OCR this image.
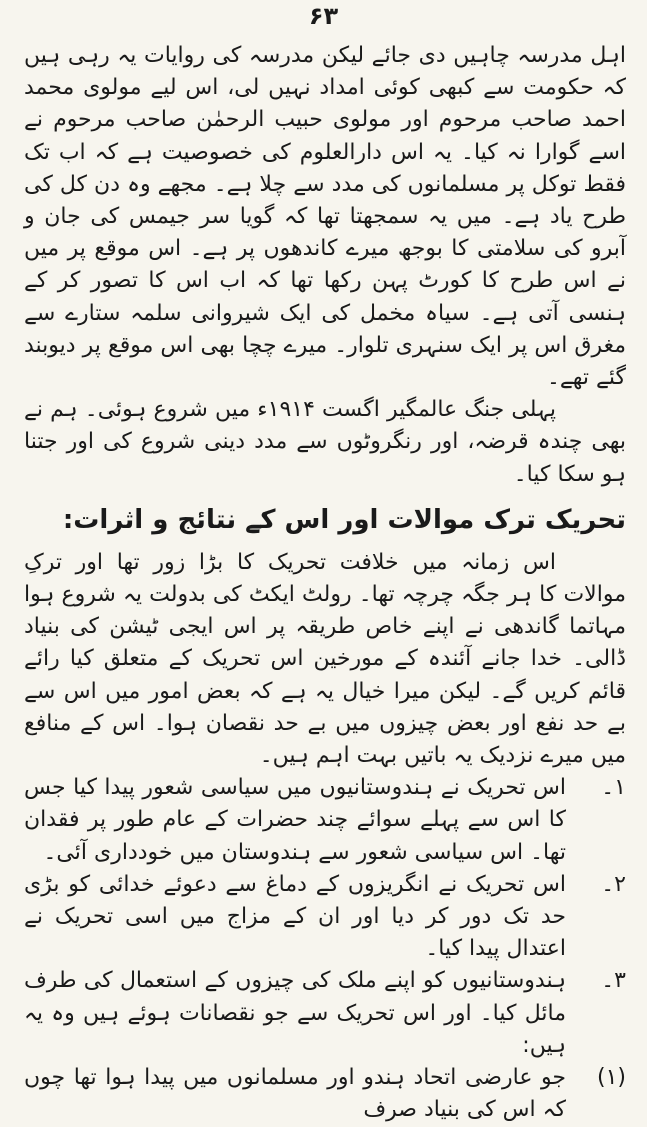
۶۳

اہل مدرسہ چاہیں دی جائے لیکن مدرسہ کی روایات یہ رہی ہیں کہ حکومت سے کبھی کوئی امداد نہیں لی، اس لیے مولوی محمد احمد صاحب مرحوم اور مولوی حبیب الرحمٰن صاحب مرحوم نے اسے گوارا نہ کیا۔ یہ اس دارالعلوم کی خصوصیت ہے کہ اب تک فقط توکل پر مسلمانوں کی مدد سے چلا ہے۔ مجھے وہ دن کل کی طرح یاد ہے۔ میں یہ سمجھتا تھا کہ گویا سر جیمس کی جان و آبرو کی سلامتی کا بوجھ میرے کاندھوں پر ہے۔ اس موقع پر میں نے اس طرح کا کورٹ پہن رکھا تھا کہ اب اس کا تصور کر کے ہنسی آتی ہے۔ سیاہ مخمل کی ایک شیروانی سلمہ ستارے سے مغرق اس پر ایک سنہری تلوار۔ میرے چچا بھی اس موقع پر دیوبند گئے تھے۔

پہلی جنگ عالمگیر اگست ۱۹۱۴ء میں شروع ہوئی۔ ہم نے بھی چندہ قرضہ، اور رنگروٹوں سے مدد دینی شروع کی اور جتنا ہو سکا کیا۔

تحریک ترک موالات اور اس کے نتائج و اثرات:

اس زمانہ میں خلافت تحریک کا بڑا زور تھا اور ترکِ موالات کا ہر جگہ چرچہ تھا۔ رولٹ ایکٹ کی بدولت یہ شروع ہوا مہاتما گاندھی نے اپنے خاص طریقہ پر اس ایجی ٹیشن کی بنیاد ڈالی۔ خدا جانے آئندہ کے مورخین اس تحریک کے متعلق کیا رائے قائم کریں گے۔ لیکن میرا خیال یہ ہے کہ بعض امور میں اس سے بے حد نفع اور بعض چیزوں میں بے حد نقصان ہوا۔ اس کے منافع میں میرے نزدیک یہ باتیں بہت اہم ہیں۔

۱۔
اس تحریک نے ہندوستانیوں میں سیاسی شعور پیدا کیا جس کا اس سے پہلے سوائے چند حضرات کے عام طور پر فقدان تھا۔ اس سیاسی شعور سے ہندوستان میں خودداری آئی۔
۲۔
اس تحریک نے انگریزوں کے دماغ سے دعوئے خدائی کو بڑی حد تک دور کر دیا اور ان کے مزاج میں اسی تحریک نے اعتدال پیدا کیا۔
۳۔
ہندوستانیوں کو اپنے ملک کی چیزوں کے استعمال کی طرف مائل کیا۔ اور اس تحریک سے جو نقصانات ہوئے ہیں وہ یہ ہیں:
(۱)
جو عارضی اتحاد ہندو اور مسلمانوں میں پیدا ہوا تھا چوں کہ اس کی بنیاد صرف
